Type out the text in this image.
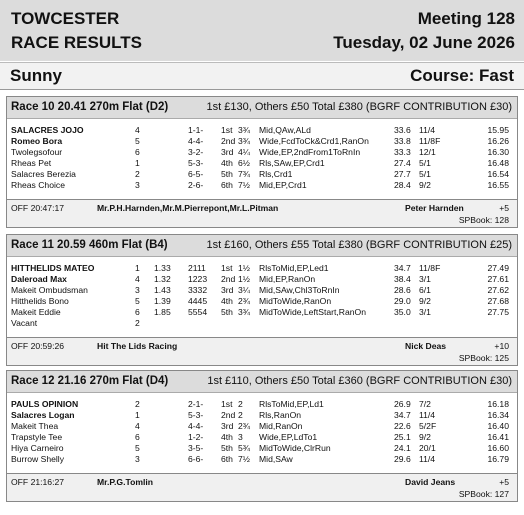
TOWCESTER
RACE RESULTS
Meeting 128
Tuesday, 02 June 2026
Sunny	Course: Fast
Race 10 20.41 270m Flat (D2)	1st £130, Others £50 Total £380 (BGRF CONTRIBUTION £30)
SALACRES JOJO	4	1-1- 1st 3¾ Mid,QAw,ALd	33.6 11/4	15.95
Romeo Bora	5	4-4- 2nd 3¾ Wide,FcdToCk&Crd1,RanOn	33.8 11/8F	16.26
Twolegsofour	6	3-2- 3rd 4¼ Wide,EP,2ndFrom1ToRnIn	33.3 12/1	16.30
Rheas Pet	1	5-3- 4th 6½ Rls,SAw,EP,Crd1	27.4 5/1	16.48
Salacres Berezia	2	6-5- 5th 7¾ Rls,Crd1	27.7 5/1	16.54
Rheas Choice	3	2-6- 6th 7½ Mid,EP,Crd1	28.4 9/2	16.55
OFF 20:47:17	Mr.P.H.Harnden,Mr.M.Pierrepont,Mr.L.Pitman	Peter Harnden	+5
SPBook: 128
Race 11 20.59 460m Flat (B4)	1st £160, Others £55 Total £380 (BGRF CONTRIBUTION £25)
HITTHELIDS MATEO	1 1.33 2111 1st 1½ RlsToMid,EP,Led1	34.7 11/8F	27.49
Daleroad Max	4 1.32 1223 2nd 1½ Mid,EP,RanOn	38.4 3/1	27.61
Makeit Ombudsman	3 1.43 3332 3rd 3¼ Mid,SAw,Chl3ToRnIn	28.6 6/1	27.62
Hitthelids Bono	5 1.39 4445 4th 2¾ MidToWide,RanOn	29.0 9/2	27.68
Makeit Eddie	6 1.85 5554 5th 3¾ MidToWide,LeftStart,RanOn	35.0 3/1	27.75
Vacant	2
OFF 20:59:26	Hit The Lids Racing	Nick Deas	+10
SPBook: 125
Race 12 21.16 270m Flat (D4)	1st £110, Others £50 Total £360 (BGRF CONTRIBUTION £30)
PAULS OPINION	2	2-1- 1st 2 RlsToMid,EP,Ld1	26.9 7/2	16.18
Salacres Logan	1	5-3- 2nd 2 Rls,RanOn	34.7 11/4	16.34
Makeit Thea	4	4-4- 3rd 2¾ Mid,RanOn	22.6 5/2F	16.40
Trapstyle Tee	6	1-2- 4th 3 Wide,EP,LdTo1	25.1 9/2	16.41
Hiya Carneiro	5	3-5- 5th 5¾ MidToWide,ClrRun	24.1 20/1	16.60
Burrow Shelly	3	6-6- 6th 7½ Mid,SAw	29.6 11/4	16.79
OFF 21:16:27	Mr.P.G.Tomlin	David Jeans	+5
SPBook: 127
